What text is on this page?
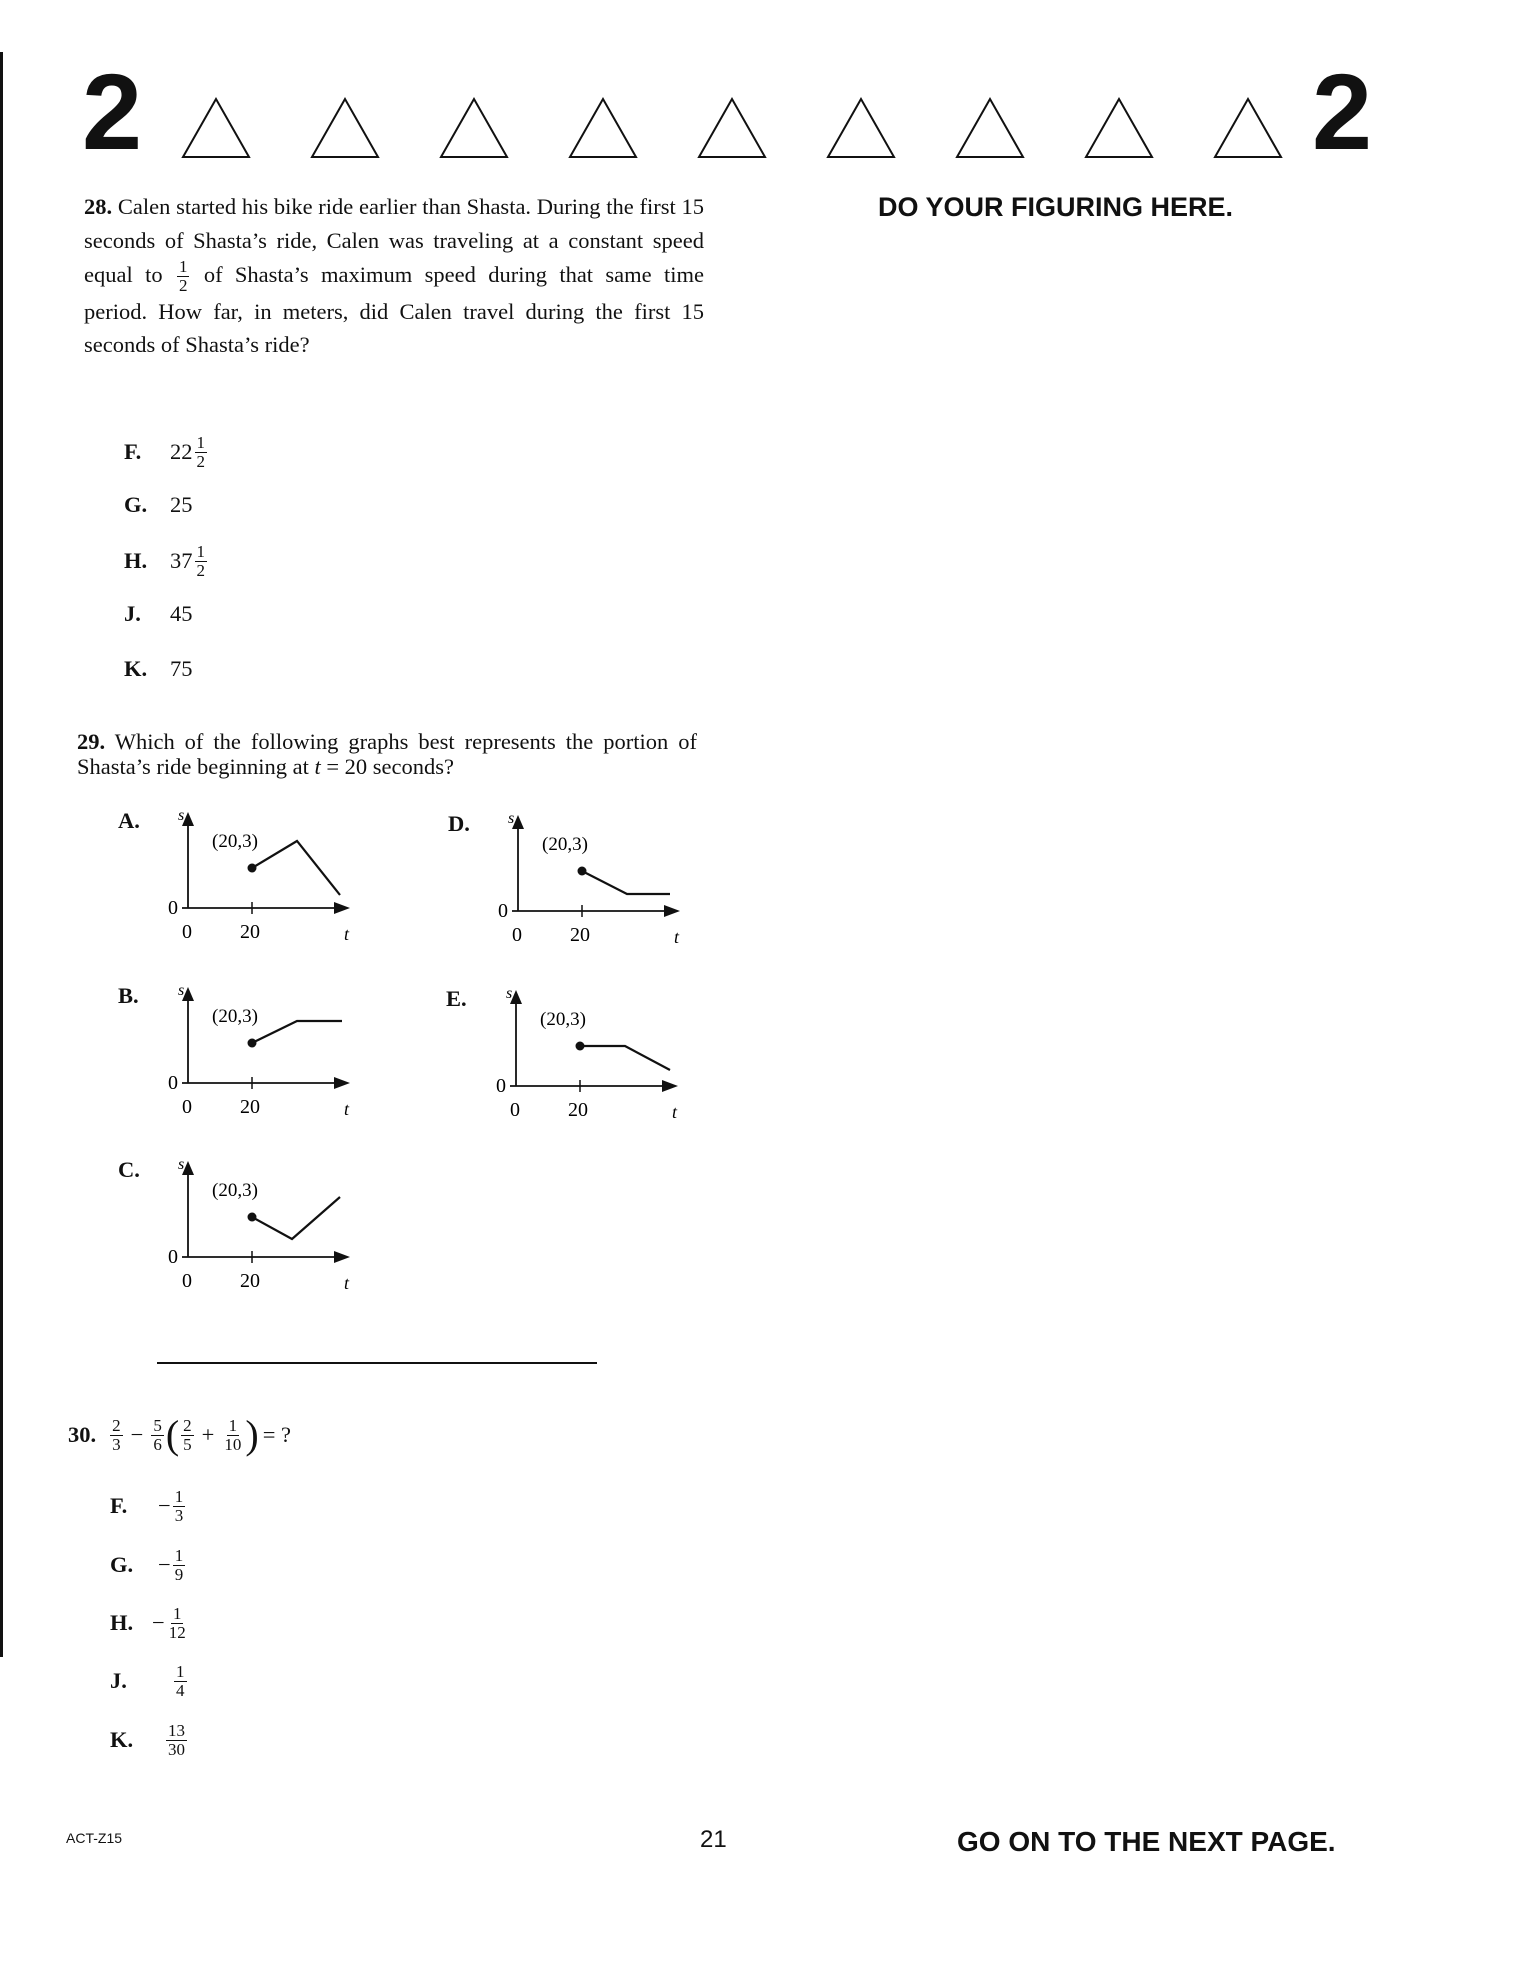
2	2
DO YOUR FIGURING HERE.
28. Calen started his bike ride earlier than Shasta. During the first 15 seconds of Shasta’s ride, Calen was traveling at a constant speed equal to $\frac{1}{2}$ of Shasta’s maximum speed during that same time period. How far, in meters, did Calen travel during the first 15 seconds of Shasta’s ride?
F.	$22 \frac{1}{2}$
G.	25
H.	$37 \frac{1}{2}$
J.	45
K.	75
29. Which of the following graphs best represents the portion of Shasta’s ride beginning at t = 20 seconds?
A. s
0
0 20	t
(20,3)
B. s
0
0 20	t
(20,3)
C. s
0
0 20	t
(20,3)
D. s
0
0 20	t
(20,3)
E. s
0
0 20	t
(20,3)
30. $\frac{2}{3} - \frac{5}{6}$ ( $\frac{2}{5} + \frac{1}{10}$ ) = ?
F.	− $\frac{1}{3}$
G.	− $\frac{1}{9}$
H. − $\frac{1}{12}$
J.	$\frac{1}{4}$
K.	$\frac{13}{30}$
ACT-Z15	21	GO ON TO THE NEXT PAGE.
